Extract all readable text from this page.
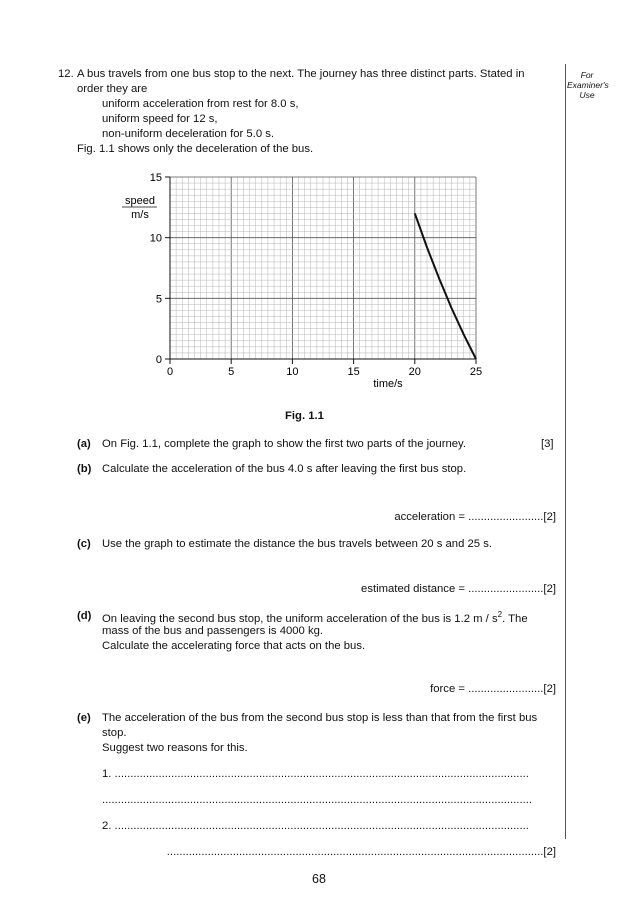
For
Examiner's
Use
12. A bus travels from one bus stop to the next. The journey has three distinct parts. Stated in
order they are
uniform acceleration from rest for 8.0 s,
uniform speed for 12 s,
non-uniform deceleration for 5.0 s.
Fig. 1.1 shows only the deceleration of the bus.
0	5	10	15	20	25
0
5
10
15
speed
m/s
time/s
Fig. 1.1
(a) On Fig. 1.1, complete the graph to show the first two parts of the journey.	[3]
(b) Calculate the acceleration of the bus 4.0 s after leaving the first bus stop.
acceleration = ........................[2]
(c) Use the graph to estimate the distance the bus travels between 20 s and 25 s.
estimated distance = ........................[2]
(d) On leaving the second bus stop, the uniform acceleration of the bus is 1.2 m / $s^2$. The
mass of the bus and passengers is 4000 kg.
Calculate the accelerating force that acts on the bus.
force = ........................[2]
(e) The acceleration of the bus from the second bus stop is less than that from the first bus
stop.
Suggest two reasons for this.
1. ....................................................................................................................................
.........................................................................................................................................
2. ....................................................................................................................................
........................................................................................................................[2]
68
